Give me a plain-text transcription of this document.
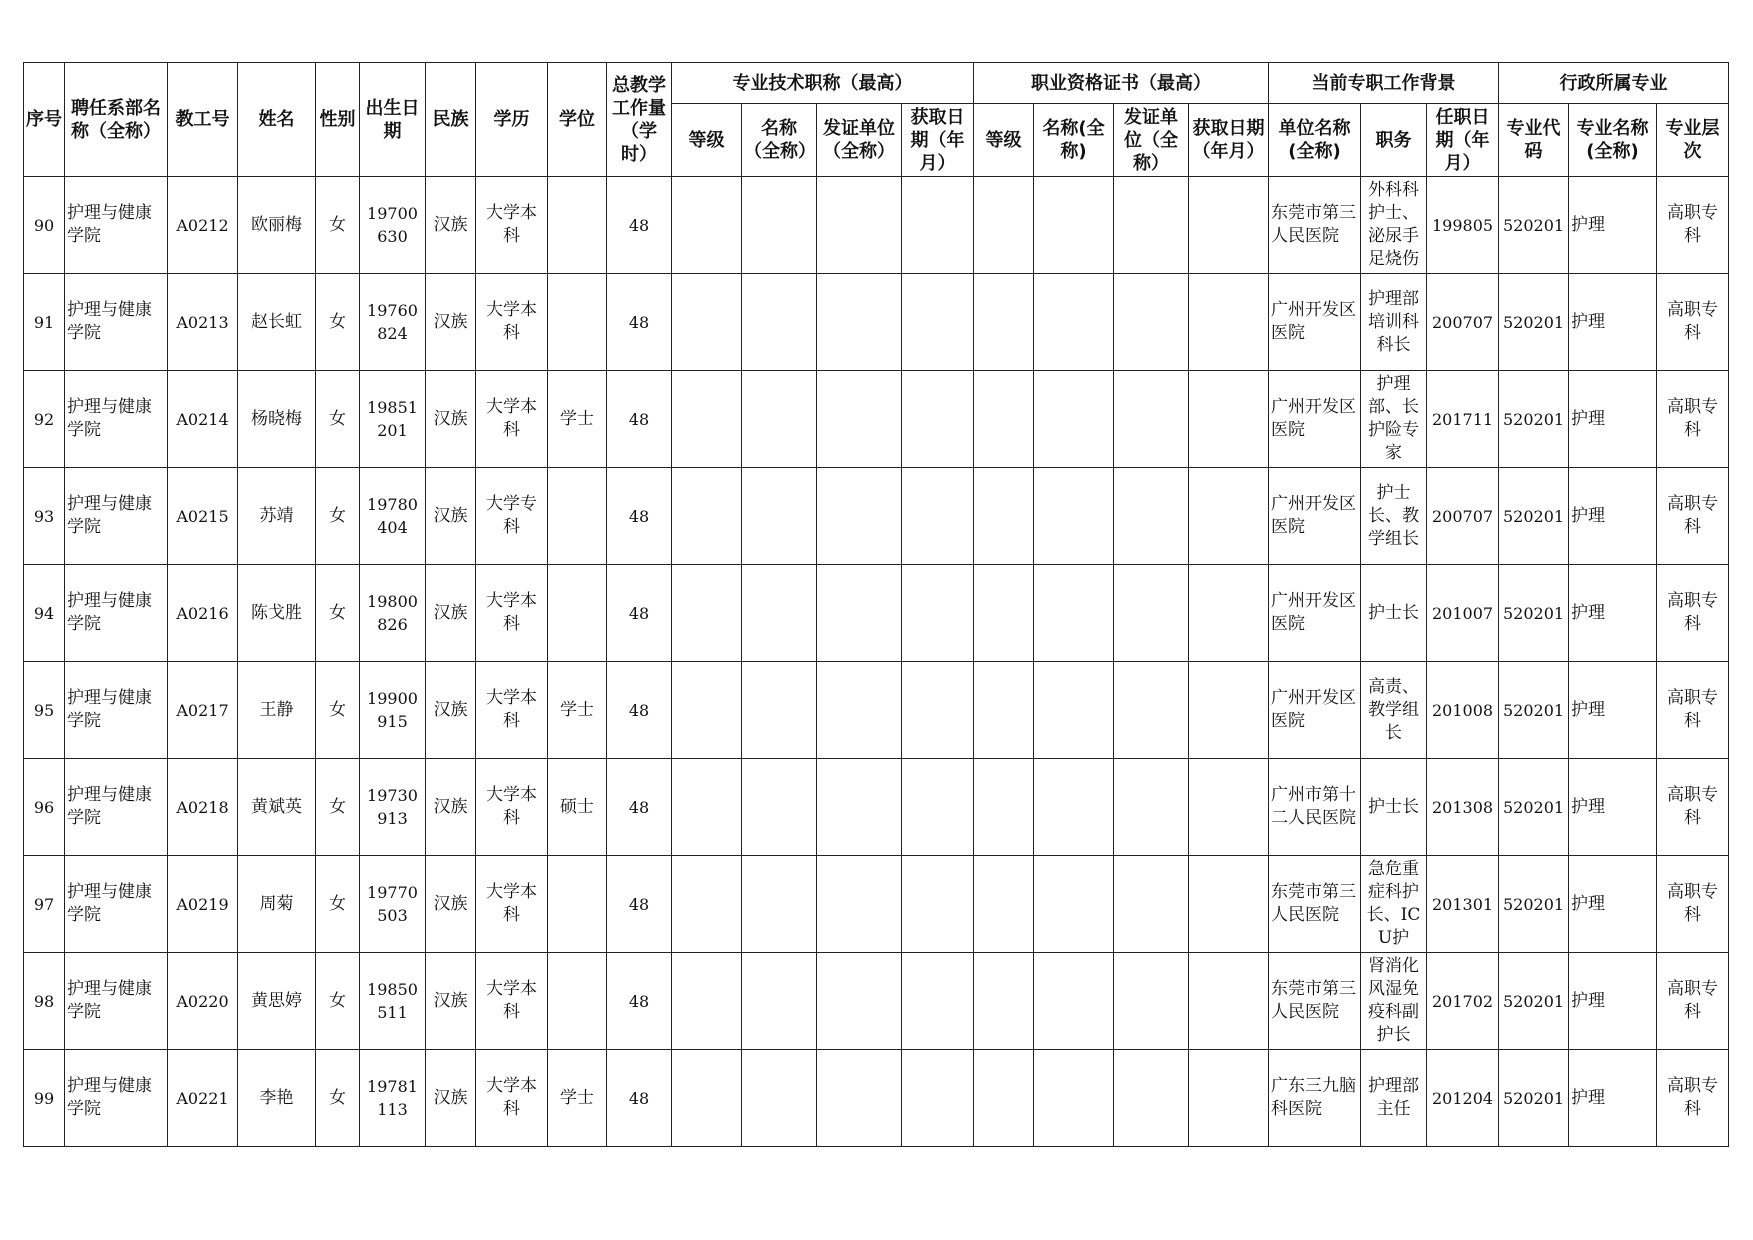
序号	聘任系部名称（全称）	教工号	姓名	性别	出生日期	民族	学历	学位	总教学工作量（学时）	专业技术职称（最高）				职业资格证书（最高）				当前专职工作背景			行政所属专业		
										等级	名称（全称）	发证单位（全称）	获取日期（年月）	等级	名称(全称)	发证单位（全称）	获取日期（年月）	单位名称(全称)	职务	任职日期（年月）	专业代码	专业名称(全称)	专业层次
90	护理与健康学院	A0212	欧丽梅	女	19700630	汉族	大学本科		48									东莞市第三人民医院	外科科护士、泌尿手足烧伤	199805	520201	护理	高职专科
91	护理与健康学院	A0213	赵长虹	女	19760824	汉族	大学本科		48									广州开发区医院	护理部培训科科长	200707	520201	护理	高职专科
92	护理与健康学院	A0214	杨晓梅	女	19851201	汉族	大学本科	学士	48									广州开发区医院	护理部、长护险专家	201711	520201	护理	高职专科
93	护理与健康学院	A0215	苏靖	女	19780404	汉族	大学专科		48									广州开发区医院	护士长、教学组长	200707	520201	护理	高职专科
94	护理与健康学院	A0216	陈戈胜	女	19800826	汉族	大学本科		48									广州开发区医院	护士长	201007	520201	护理	高职专科
95	护理与健康学院	A0217	王静	女	19900915	汉族	大学本科	学士	48									广州开发区医院	高责、教学组长	201008	520201	护理	高职专科
96	护理与健康学院	A0218	黄斌英	女	19730913	汉族	大学本科	硕士	48									广州市第十二人民医院	护士长	201308	520201	护理	高职专科
97	护理与健康学院	A0219	周菊	女	19770503	汉族	大学本科		48									东莞市第三人民医院	急危重症科护长、ICU护	201301	520201	护理	高职专科
98	护理与健康学院	A0220	黄思婷	女	19850511	汉族	大学本科		48									东莞市第三人民医院	肾消化风湿免疫科副护长	201702	520201	护理	高职专科
99	护理与健康学院	A0221	李艳	女	19781113	汉族	大学本科	学士	48									广东三九脑科医院	护理部主任	201204	520201	护理	高职专科
